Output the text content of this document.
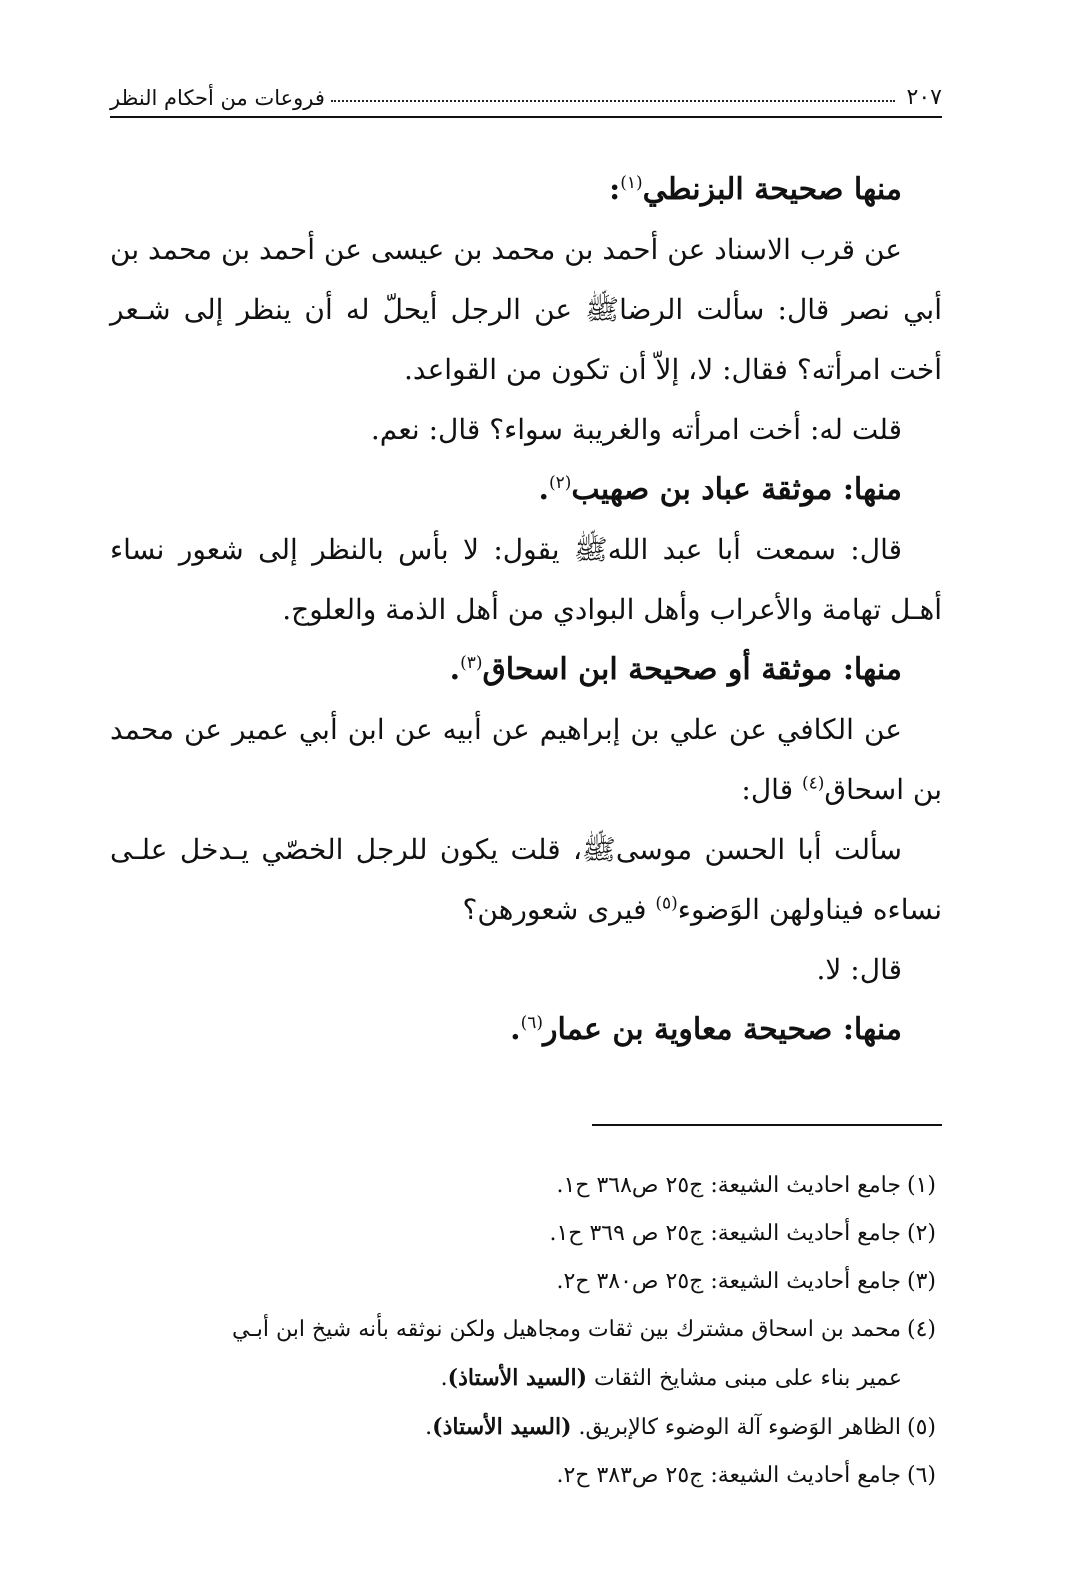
٢٠٧
فروعات من أحكام النظر
منها صحيحة البزنطي$^{(١)}$:
عن قرب الاسناد عن أحمد بن محمد بن عيسى عن أحمد بن محمد بن أبي نصر قال: سألت الرضاﷺ عن الرجل أيحلّ له أن ينظر إلى شـعر أخت امرأته؟ فقال: لا، إلاّ أن تكون من القواعد.
قلت له: أخت امرأته والغريبة سواء؟ قال: نعم.
منها: موثقة عباد بن صهيب$^{(٢)}$.
قال: سمعت أبا عبد اللهﷺ يقول: لا بأس بالنظر إلى شعور نساء أهـل تهامة والأعراب وأهل البوادي من أهل الذمة والعلوج.
منها: موثقة أو صحيحة ابن اسحاق$^{(٣)}$.
عن الكافي عن علي بن إبراهيم عن أبيه عن ابن أبي عمير عن محمد بن اسحاق$^{(٤)}$ قال:
سألت أبا الحسن موسىﷺ، قلت يكون للرجل الخصّي يـدخل علـى نساءه فيناولهن الوَضوء$^{(٥)}$ فيرى شعورهن؟
قال: لا.
منها: صحيحة معاوية بن عمار$^{(٦)}$.
(١)جامع احاديث الشيعة: ج٢٥ ص٣٦٨ ح١.
(٢)جامع أحاديث الشيعة: ج٢٥ ص ٣٦٩ ح١.
(٣)جامع أحاديث الشيعة: ج٢٥ ص٣٨٠ ح٢.
(٤)محمد بن اسحاق مشترك بين ثقات ومجاهيل ولكن نوثقه بأنه شيخ ابن أبـي
عمير بناء على مبنى مشايخ الثقات (السيد الأستاذ).
(٥)الظاهر الوَضوء آلة الوضوء كالإبريق. (السيد الأستاذ).
(٦)جامع أحاديث الشيعة: ج٢٥ ص٣٨٣ ح٢.
